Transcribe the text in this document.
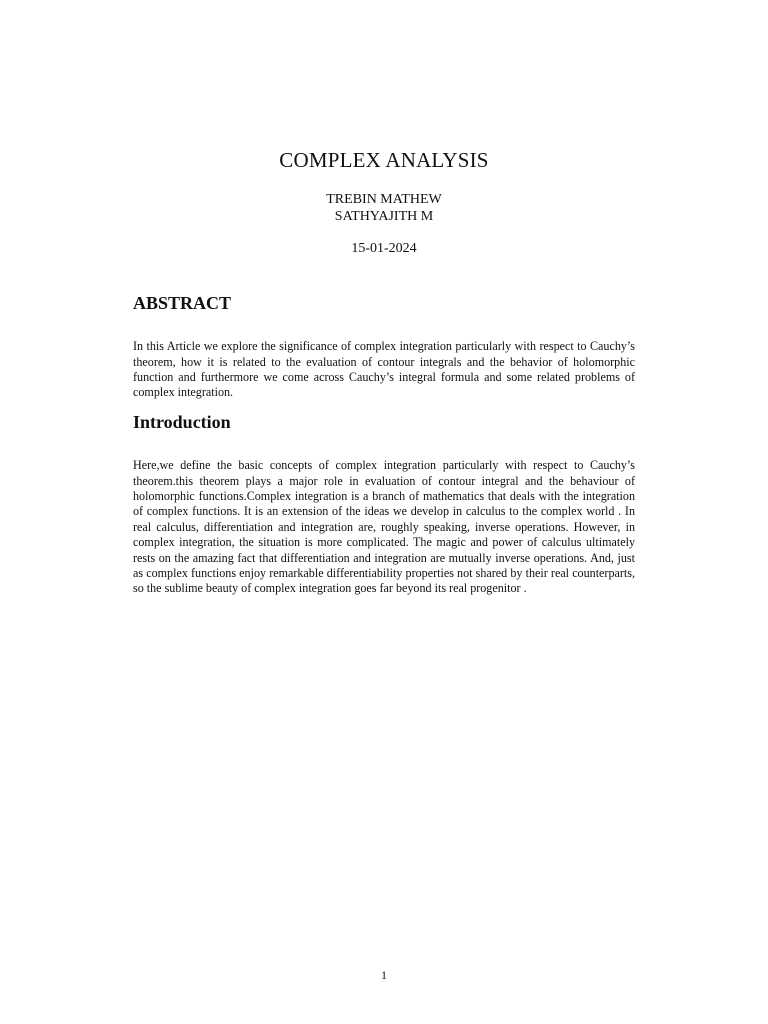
COMPLEX ANALYSIS
TREBIN MATHEW
SATHYAJITH M
15-01-2024
ABSTRACT

In this Article we explore the significance of complex integration particularly with respect to Cauchy’s theorem, how it is related to the evaluation of contour integrals and the behavior of holomorphic function and furthermore we come across Cauchy’s integral formula and some related problems of complex integration.

Introduction

Here,we define the basic concepts of complex integration particularly with respect to Cauchy’s theorem.this theorem plays a major role in evaluation of contour integral and the behaviour of holomorphic functions.Complex integration is a branch of mathematics that deals with the integration of complex functions. It is an extension of the ideas we develop in calculus to the complex world . In real calculus, differentiation and integration are, roughly speaking, inverse operations. However, in complex integration, the situation is more complicated. The magic and power of calculus ultimately rests on the amazing fact that differentiation and integration are mutually inverse operations. And, just as complex functions enjoy remarkable differentiability properties not shared by their real counterparts, so the sublime beauty of complex integration goes far beyond its real progenitor .

1
